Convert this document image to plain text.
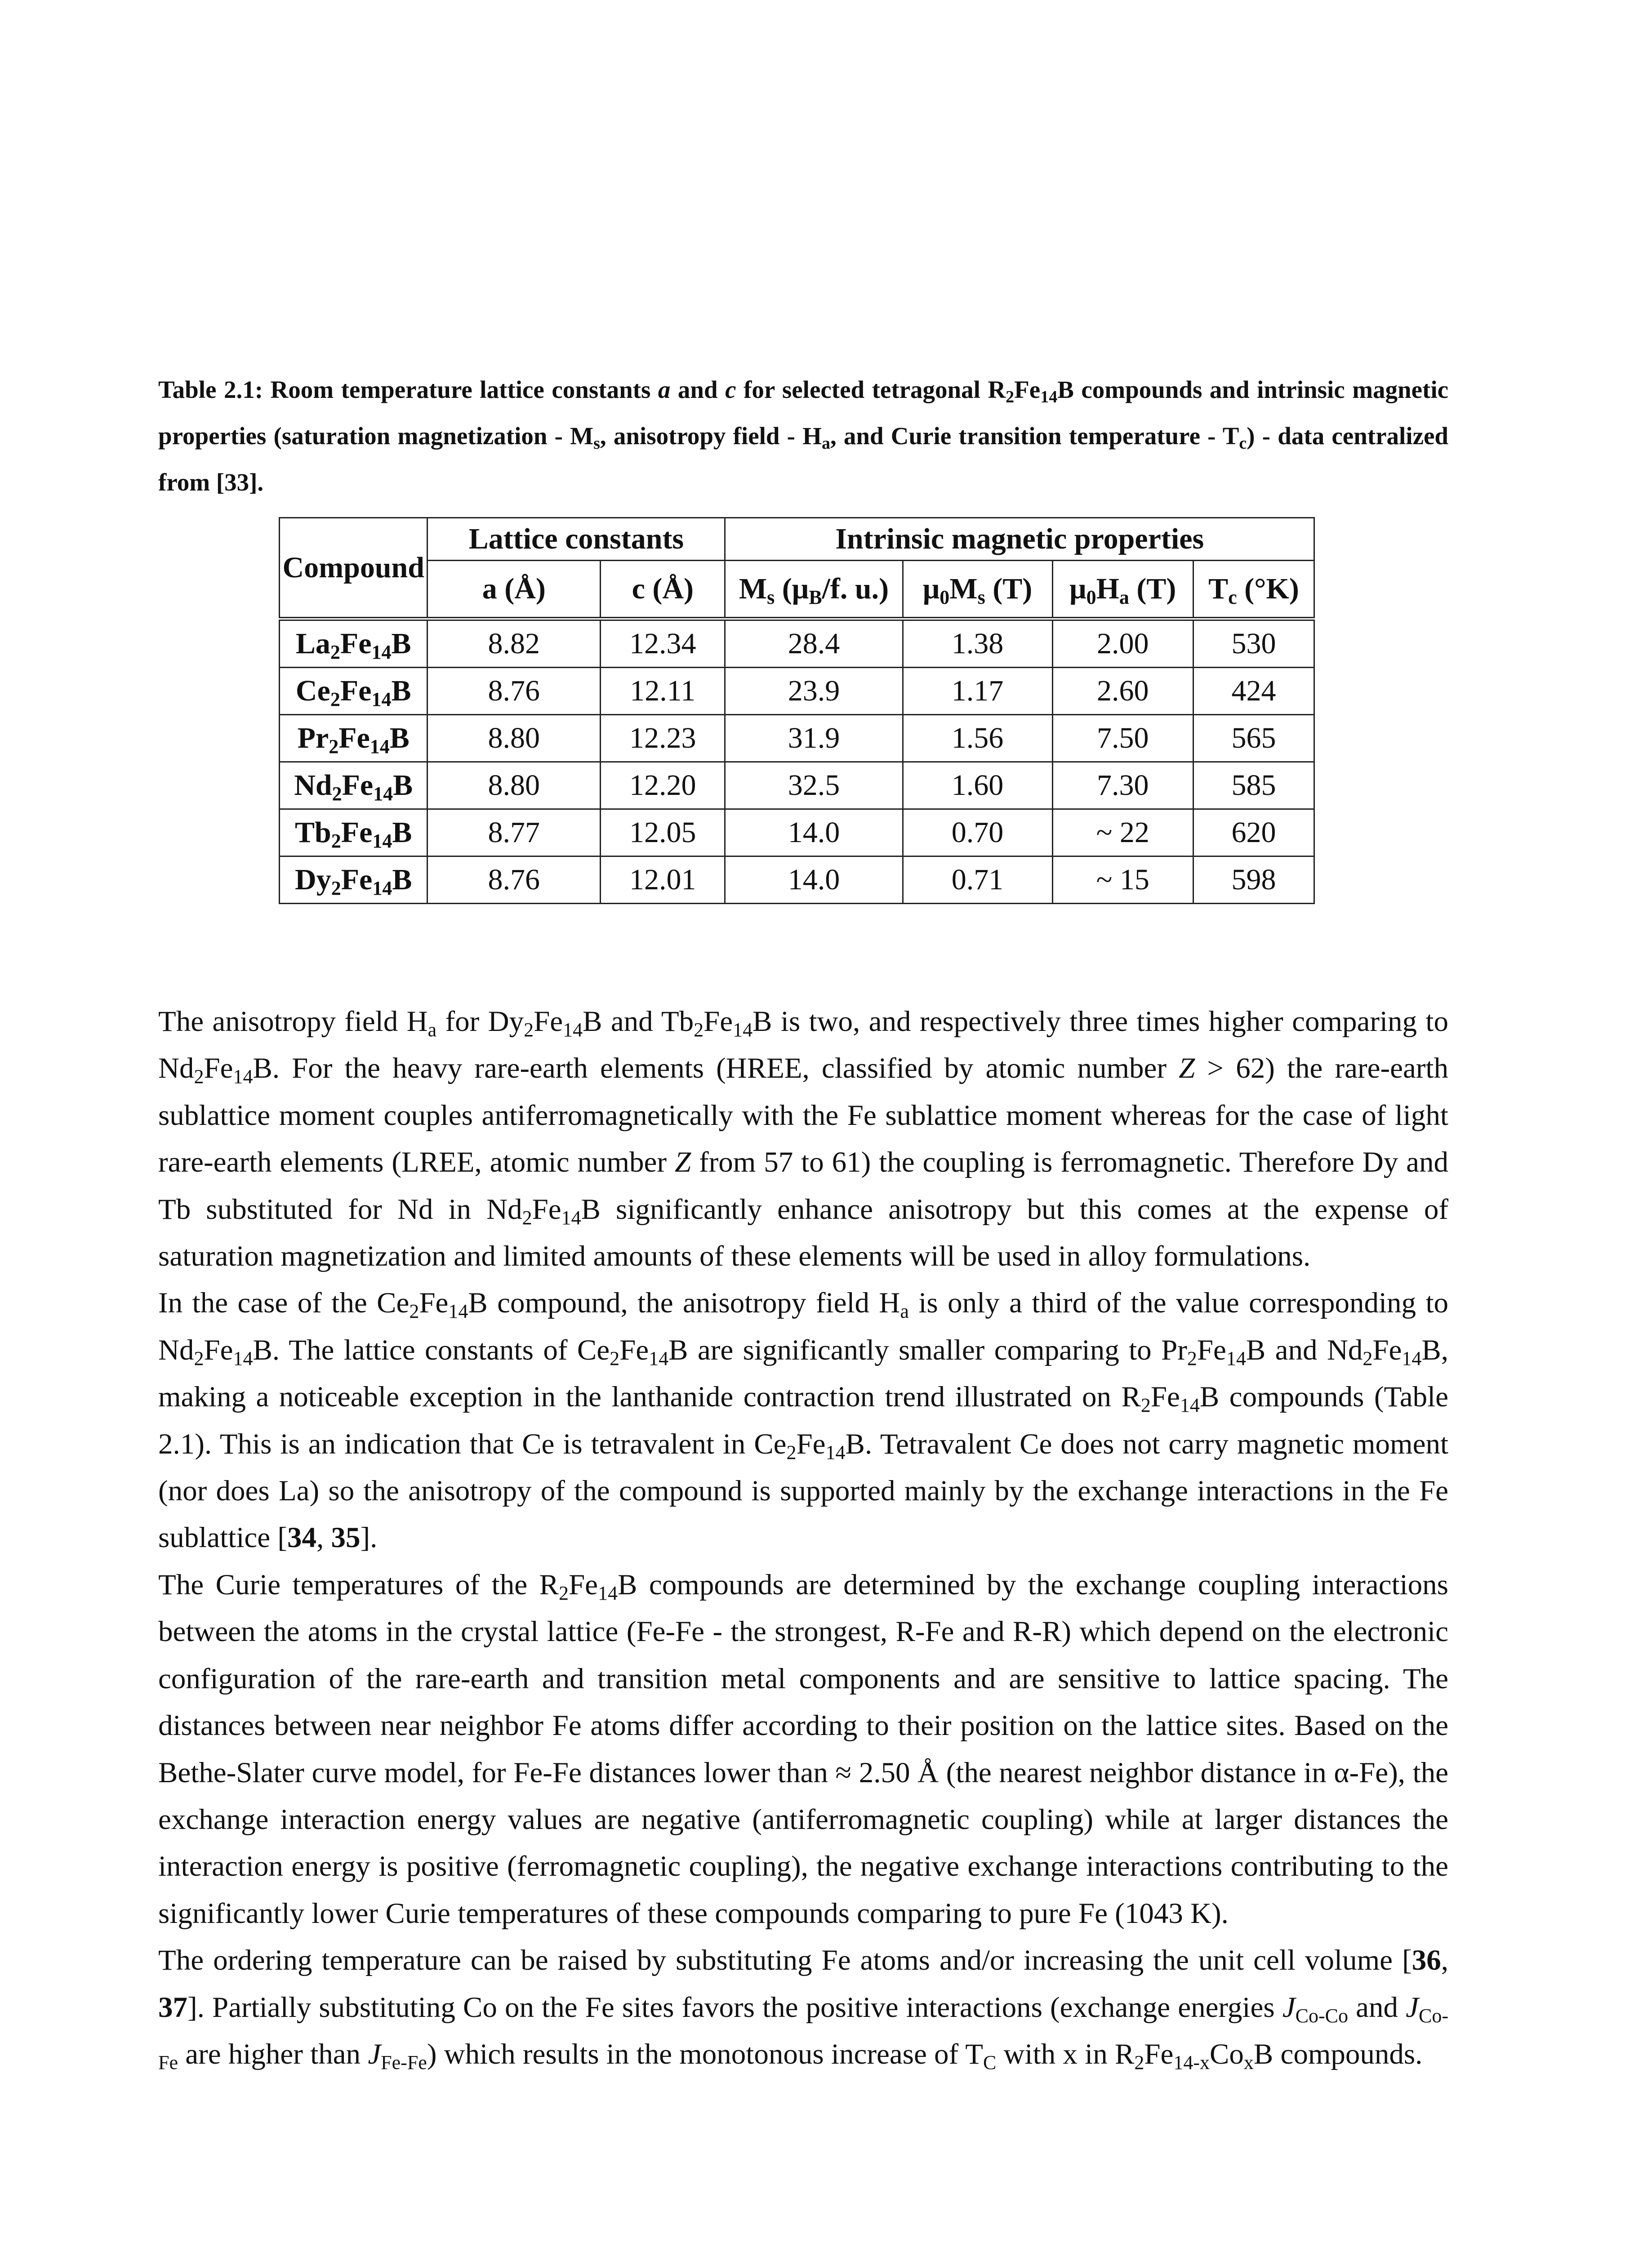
Table 2.1: Room temperature lattice constants a and c for selected tetragonal $R_2Fe_{14}B$ compounds and intrinsic magnetic properties (saturation magnetization - $M_s$, anisotropy field - $H_a$, and Curie transition temperature - $T_c$) - data centralized from [33].
Compound	Lattice constants		Intrinsic magnetic properties			
	a (Å)	c (Å)	$M_s$ ($\mu_B/f$. u.)	$\mu_0M_s$ (T)	$\mu_0H_a$ (T)	$T_c$ (°K)
$La_2Fe_{14}B$	8.82	12.34	28.4	1.38	2.00	530
$Ce_2Fe_{14}B$	8.76	12.11	23.9	1.17	2.60	424
$Pr_2Fe_{14}B$	8.80	12.23	31.9	1.56	7.50	565
$Nd_2Fe_{14}B$	8.80	12.20	32.5	1.60	7.30	585
$Tb_2Fe_{14}B$	8.77	12.05	14.0	0.70	~ 22	620
$Dy_2Fe_{14}B$	8.76	12.01	14.0	0.71	~ 15	598

The anisotropy field $H_a$ for $Dy_2Fe_{14}B$ and $Tb_2Fe_{14}B$ is two, and respectively three times higher comparing to $Nd_2Fe_{14}B$. For the heavy rare-earth elements (HREE, classified by atomic number Z > 62) the rare-earth sublattice moment couples antiferromagnetically with the Fe sublattice moment whereas for the case of light rare-earth elements (LREE, atomic number Z from 57 to 61) the coupling is ferromagnetic. Therefore Dy and Tb substituted for Nd in $Nd_2Fe_{14}B$ significantly enhance anisotropy but this comes at the expense of saturation magnetization and limited amounts of these elements will be used in alloy formulations.

In the case of the $Ce_2Fe_{14}B$ compound, the anisotropy field $H_a$ is only a third of the value corresponding to $Nd_2Fe_{14}B$. The lattice constants of $Ce_2Fe_{14}B$ are significantly smaller comparing to $Pr_2Fe_{14}B$ and $Nd_2Fe_{14}B$, making a noticeable exception in the lanthanide contraction trend illustrated on $R_2Fe_{14}B$ compounds (Table 2.1). This is an indication that Ce is tetravalent in $Ce_2Fe_{14}B$. Tetravalent Ce does not carry magnetic moment (nor does La) so the anisotropy of the compound is supported mainly by the exchange interactions in the Fe sublattice [34, 35].

The Curie temperatures of the $R_2Fe_{14}B$ compounds are determined by the exchange coupling interactions between the atoms in the crystal lattice (Fe-Fe - the strongest, R-Fe and R-R) which depend on the electronic configuration of the rare-earth and transition metal components and are sensitive to lattice spacing. The distances between near neighbor Fe atoms differ according to their position on the lattice sites. Based on the Bethe-Slater curve model, for Fe-Fe distances lower than ≈ 2.50 Å (the nearest neighbor distance in α-Fe), the exchange interaction energy values are negative (antiferromagnetic coupling) while at larger distances the interaction energy is positive (ferromagnetic coupling), the negative exchange interactions contributing to the significantly lower Curie temperatures of these compounds comparing to pure Fe (1043 K).

The ordering temperature can be raised by substituting Fe atoms and/or increasing the unit cell volume [36, 37]. Partially substituting Co on the Fe sites favors the positive interactions (exchange energies $J_{Co-Co}$ and $J_{Co-Fe}$ are higher than $J_{Fe-Fe}$) which results in the monotonous increase of $T_C$ with x in $R_2Fe_{14-x}Co_xB$ compounds.
